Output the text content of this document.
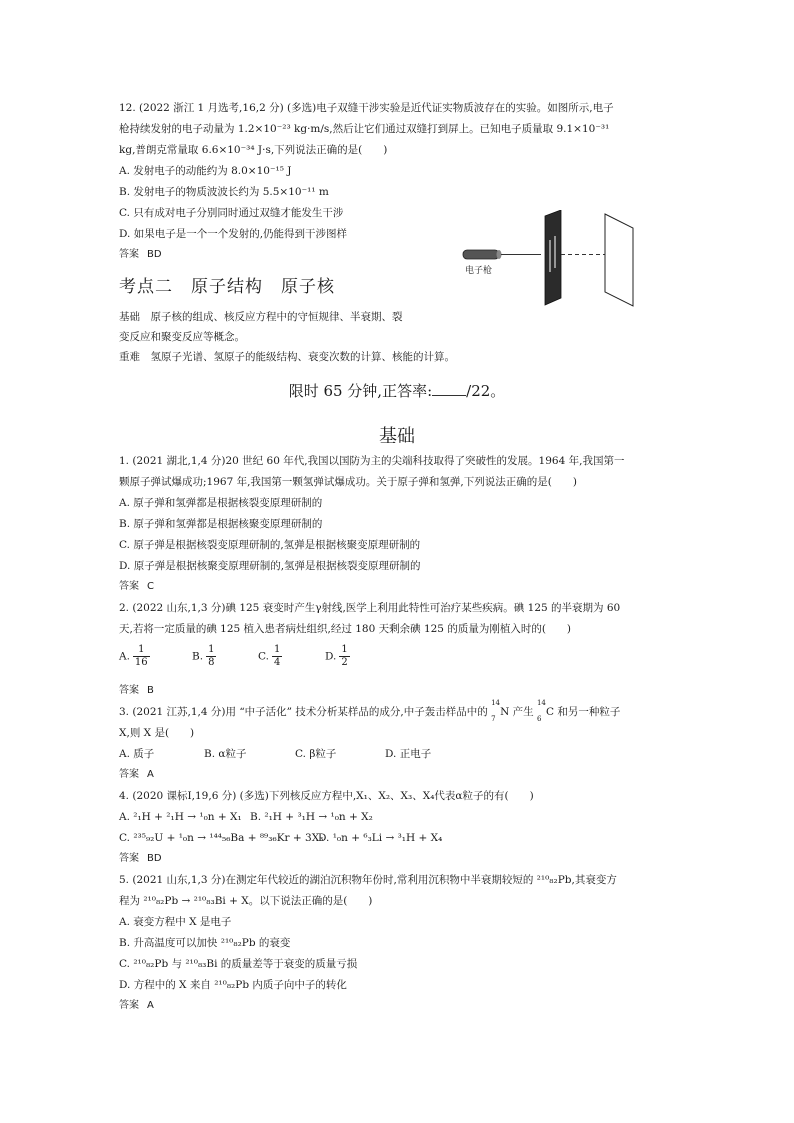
12. (2022 浙江 1 月选考,16,2 分) (多选)电子双缝干涉实验是近代证实物质波存在的实验。如图所示,电子
枪持续发射的电子动量为 1.2×10⁻²³ kg·m/s,然后让它们通过双缝打到屏上。已知电子质量取 9.1×10⁻³¹
kg,普朗克常量取 6.6×10⁻³⁴ J·s,下列说法正确的是(　　)
A. 发射电子的动能约为 8.0×10⁻¹⁵ J
B. 发射电子的物质波波长约为 5.5×10⁻¹¹ m
C. 只有成对电子分别同时通过双缝才能发生干涉
D. 如果电子是一个一个发射的,仍能得到干涉图样
答案 BD
电子枪
考点二 原子结构 原子核
基础　原子核的组成、核反应方程中的守恒规律、半衰期、裂
变反应和聚变反应等概念。
重难　氢原子光谱、氢原子的能级结构、衰变次数的计算、核能的计算。
限时 65 分钟,正答率: /22。
基础
1. (2021 湖北,1,4 分)20 世纪 60 年代,我国以国防为主的尖端科技取得了突破性的发展。1964 年,我国第一
颗原子弹试爆成功;1967 年,我国第一颗氢弹试爆成功。关于原子弹和氢弹,下列说法正确的是(　　)
A. 原子弹和氢弹都是根据核裂变原理研制的
B. 原子弹和氢弹都是根据核聚变原理研制的
C. 原子弹是根据核裂变原理研制的,氢弹是根据核聚变原理研制的
D. 原子弹是根据核聚变原理研制的,氢弹是根据核裂变原理研制的
答案 C
2. (2022 山东,1,3 分)碘 125 衰变时产生γ射线,医学上利用此特性可治疗某些疾病。碘 125 的半衰期为 60
天,若将一定质量的碘 125 植入患者病灶组织,经过 180 天剩余碘 125 的质量为刚植入时的(　　)
A. $\frac{1}{16}$	B. $\frac{1}{8}$	C. $\frac{1}{4}$	D. $\frac{1}{2}$
答案 B
3. (2021 江苏,1,4 分)用 “中子活化” 技术分析某样品的成分,中子轰击样品中的
14
7
N 产生
14
6
C 和另一种粒子
X,则 X 是(　　)
A. 质子	B. α粒子	C. β粒子	D. 正电子
答案 A
4. (2020 课标Ⅰ,19,6 分) (多选)下列核反应方程中,X₁、X₂、X₃、X₄代表α粒子的有(　　)
A. ²₁H + ²₁H → ¹₀n + X₁ B. ²₁H + ³₁H → ¹₀n + X₂
C. ²³⁵₉₂U + ¹₀n → ¹⁴⁴₅₆Ba + ⁸⁹₃₆Kr + 3X₃
D. ¹₀n + ⁶₃Li → ³₁H + X₄
答案 BD
5. (2021 山东,1,3 分)在测定年代较近的湖泊沉积物年份时,常利用沉积物中半衰期较短的 ²¹⁰₈₂Pb,其衰变方
程为 ²¹⁰₈₂Pb → ²¹⁰₈₃Bi + X。以下说法正确的是(　　)
A. 衰变方程中 X 是电子
B. 升高温度可以加快 ²¹⁰₈₂Pb 的衰变
C. ²¹⁰₈₂Pb 与 ²¹⁰₈₃Bi 的质量差等于衰变的质量亏损
D. 方程中的 X 来自 ²¹⁰₈₂Pb 内质子向中子的转化
答案 A
